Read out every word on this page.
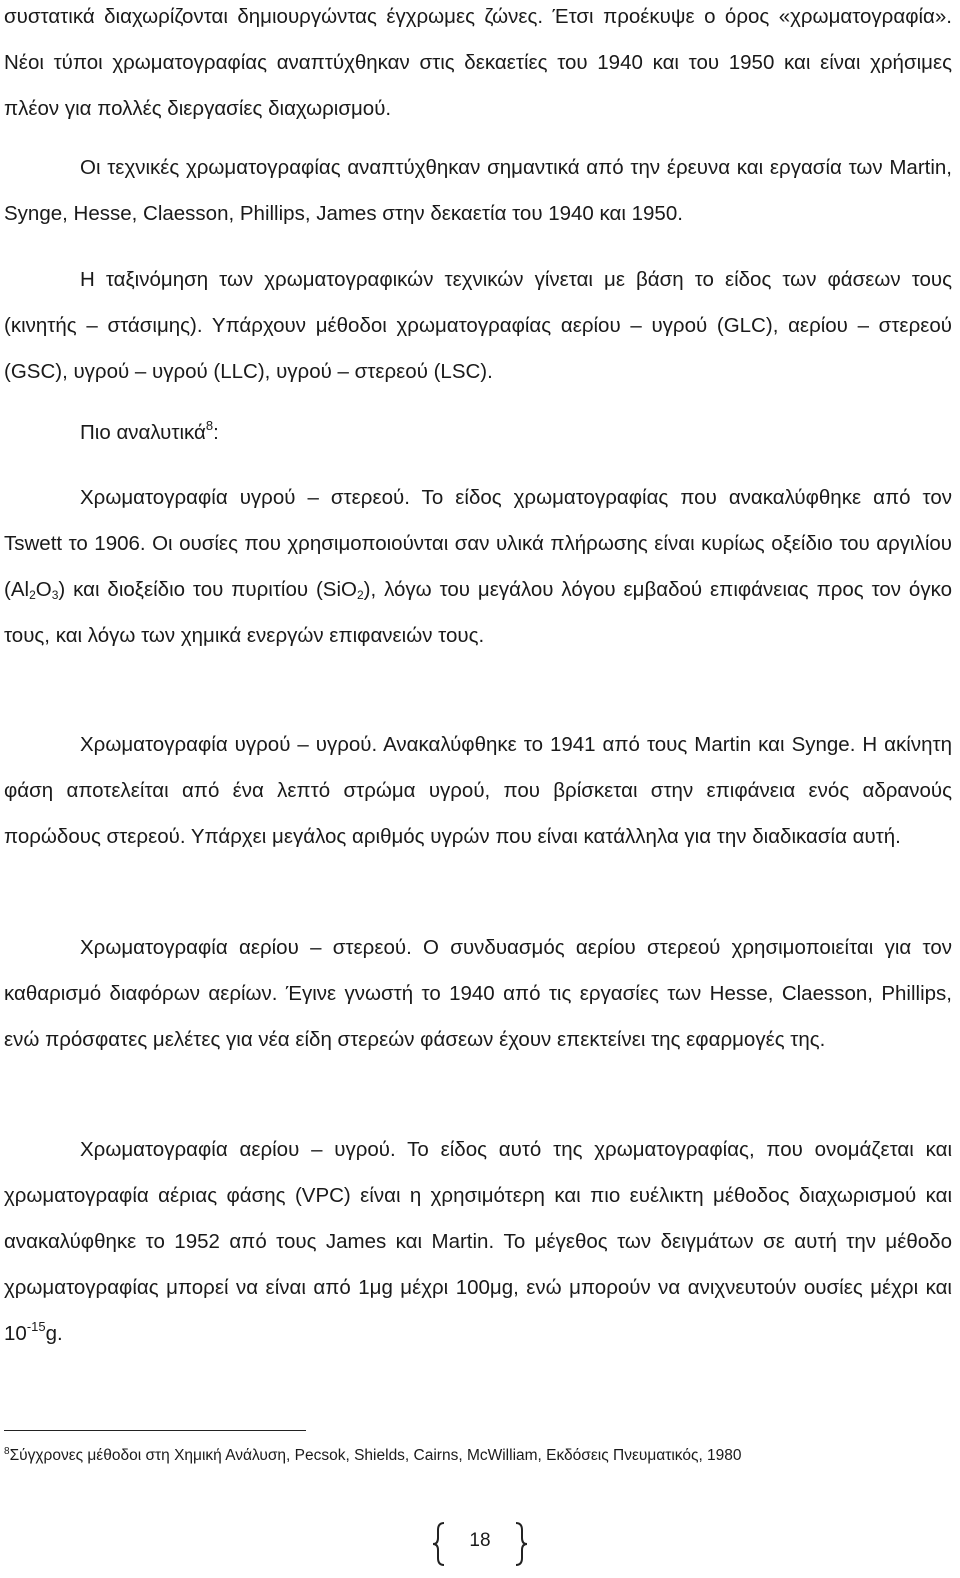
συστατικά διαχωρίζονται δημιουργώντας έγχρωμες ζώνες. Έτσι προέκυψε ο όρος «χρωματογραφία». Νέοι τύποι χρωματογραφίας αναπτύχθηκαν στις δεκαετίες του 1940 και του 1950 και είναι χρήσιμες πλέον για πολλές διεργασίες διαχωρισμού.

Οι τεχνικές χρωματογραφίας αναπτύχθηκαν σημαντικά από την έρευνα και εργασία των Martin, Synge, Hesse, Claesson, Phillips, James στην δεκαετία του 1940 και 1950.

Η ταξινόμηση των χρωματογραφικών τεχνικών γίνεται με βάση το είδος των φάσεων τους (κινητής – στάσιμης). Υπάρχουν μέθοδοι χρωματογραφίας αερίου – υγρού (GLC), αερίου – στερεού (GSC), υγρού – υγρού (LLC), υγρού – στερεού (LSC).

Πιο αναλυτικά$^8$:

Χρωματογραφία υγρού – στερεού. Το είδος χρωματογραφίας που ανακαλύφθηκε από τον Tswett το 1906. Οι ουσίες που χρησιμοποιούνται σαν υλικά πλήρωσης είναι κυρίως οξείδιο του αργιλίου $(Al_2O_3)$ και διοξείδιο του πυριτίου (SiO$_2$), λόγω του μεγάλου λόγου εμβαδού επιφάνειας προς τον όγκο τους, και λόγω των χημικά ενεργών επιφανειών τους.

Χρωματογραφία υγρού – υγρού. Ανακαλύφθηκε το 1941 από τους Martin και Synge. Η ακίνητη φάση αποτελείται από ένα λεπτό στρώμα υγρού, που βρίσκεται στην επιφάνεια ενός αδρανούς πορώδους στερεού. Υπάρχει μεγάλος αριθμός υγρών που είναι κατάλληλα για την διαδικασία αυτή.

Χρωματογραφία αερίου – στερεού. Ο συνδυασμός αερίου στερεού χρησιμοποιείται για τον καθαρισμό διαφόρων αερίων. Έγινε γνωστή το 1940 από τις εργασίες των Hesse, Claesson, Phillips, ενώ πρόσφατες μελέτες για νέα είδη στερεών φάσεων έχουν επεκτείνει της εφαρμογές της.

Χρωματογραφία αερίου – υγρού. Το είδος αυτό της χρωματογραφίας, που ονομάζεται και χρωματογραφία αέριας φάσης (VPC) είναι η χρησιμότερη και πιο ευέλικτη μέθοδος διαχωρισμού και ανακαλύφθηκε το 1952 από τους James και Martin. Το μέγεθος των δειγμάτων σε αυτή την μέθοδο χρωματογραφίας μπορεί να είναι από 1μg μέχρι 100μg, ενώ μπορούν να ανιχνευτούν ουσίες μέχρι και $10^{-15}g$.

$^8$Σύγχρονες μέθοδοι στη Χημική Ανάλυση, Pecsok, Shields, Cairns, McWilliam, Εκδόσεις Πνευματικός, 1980
18
